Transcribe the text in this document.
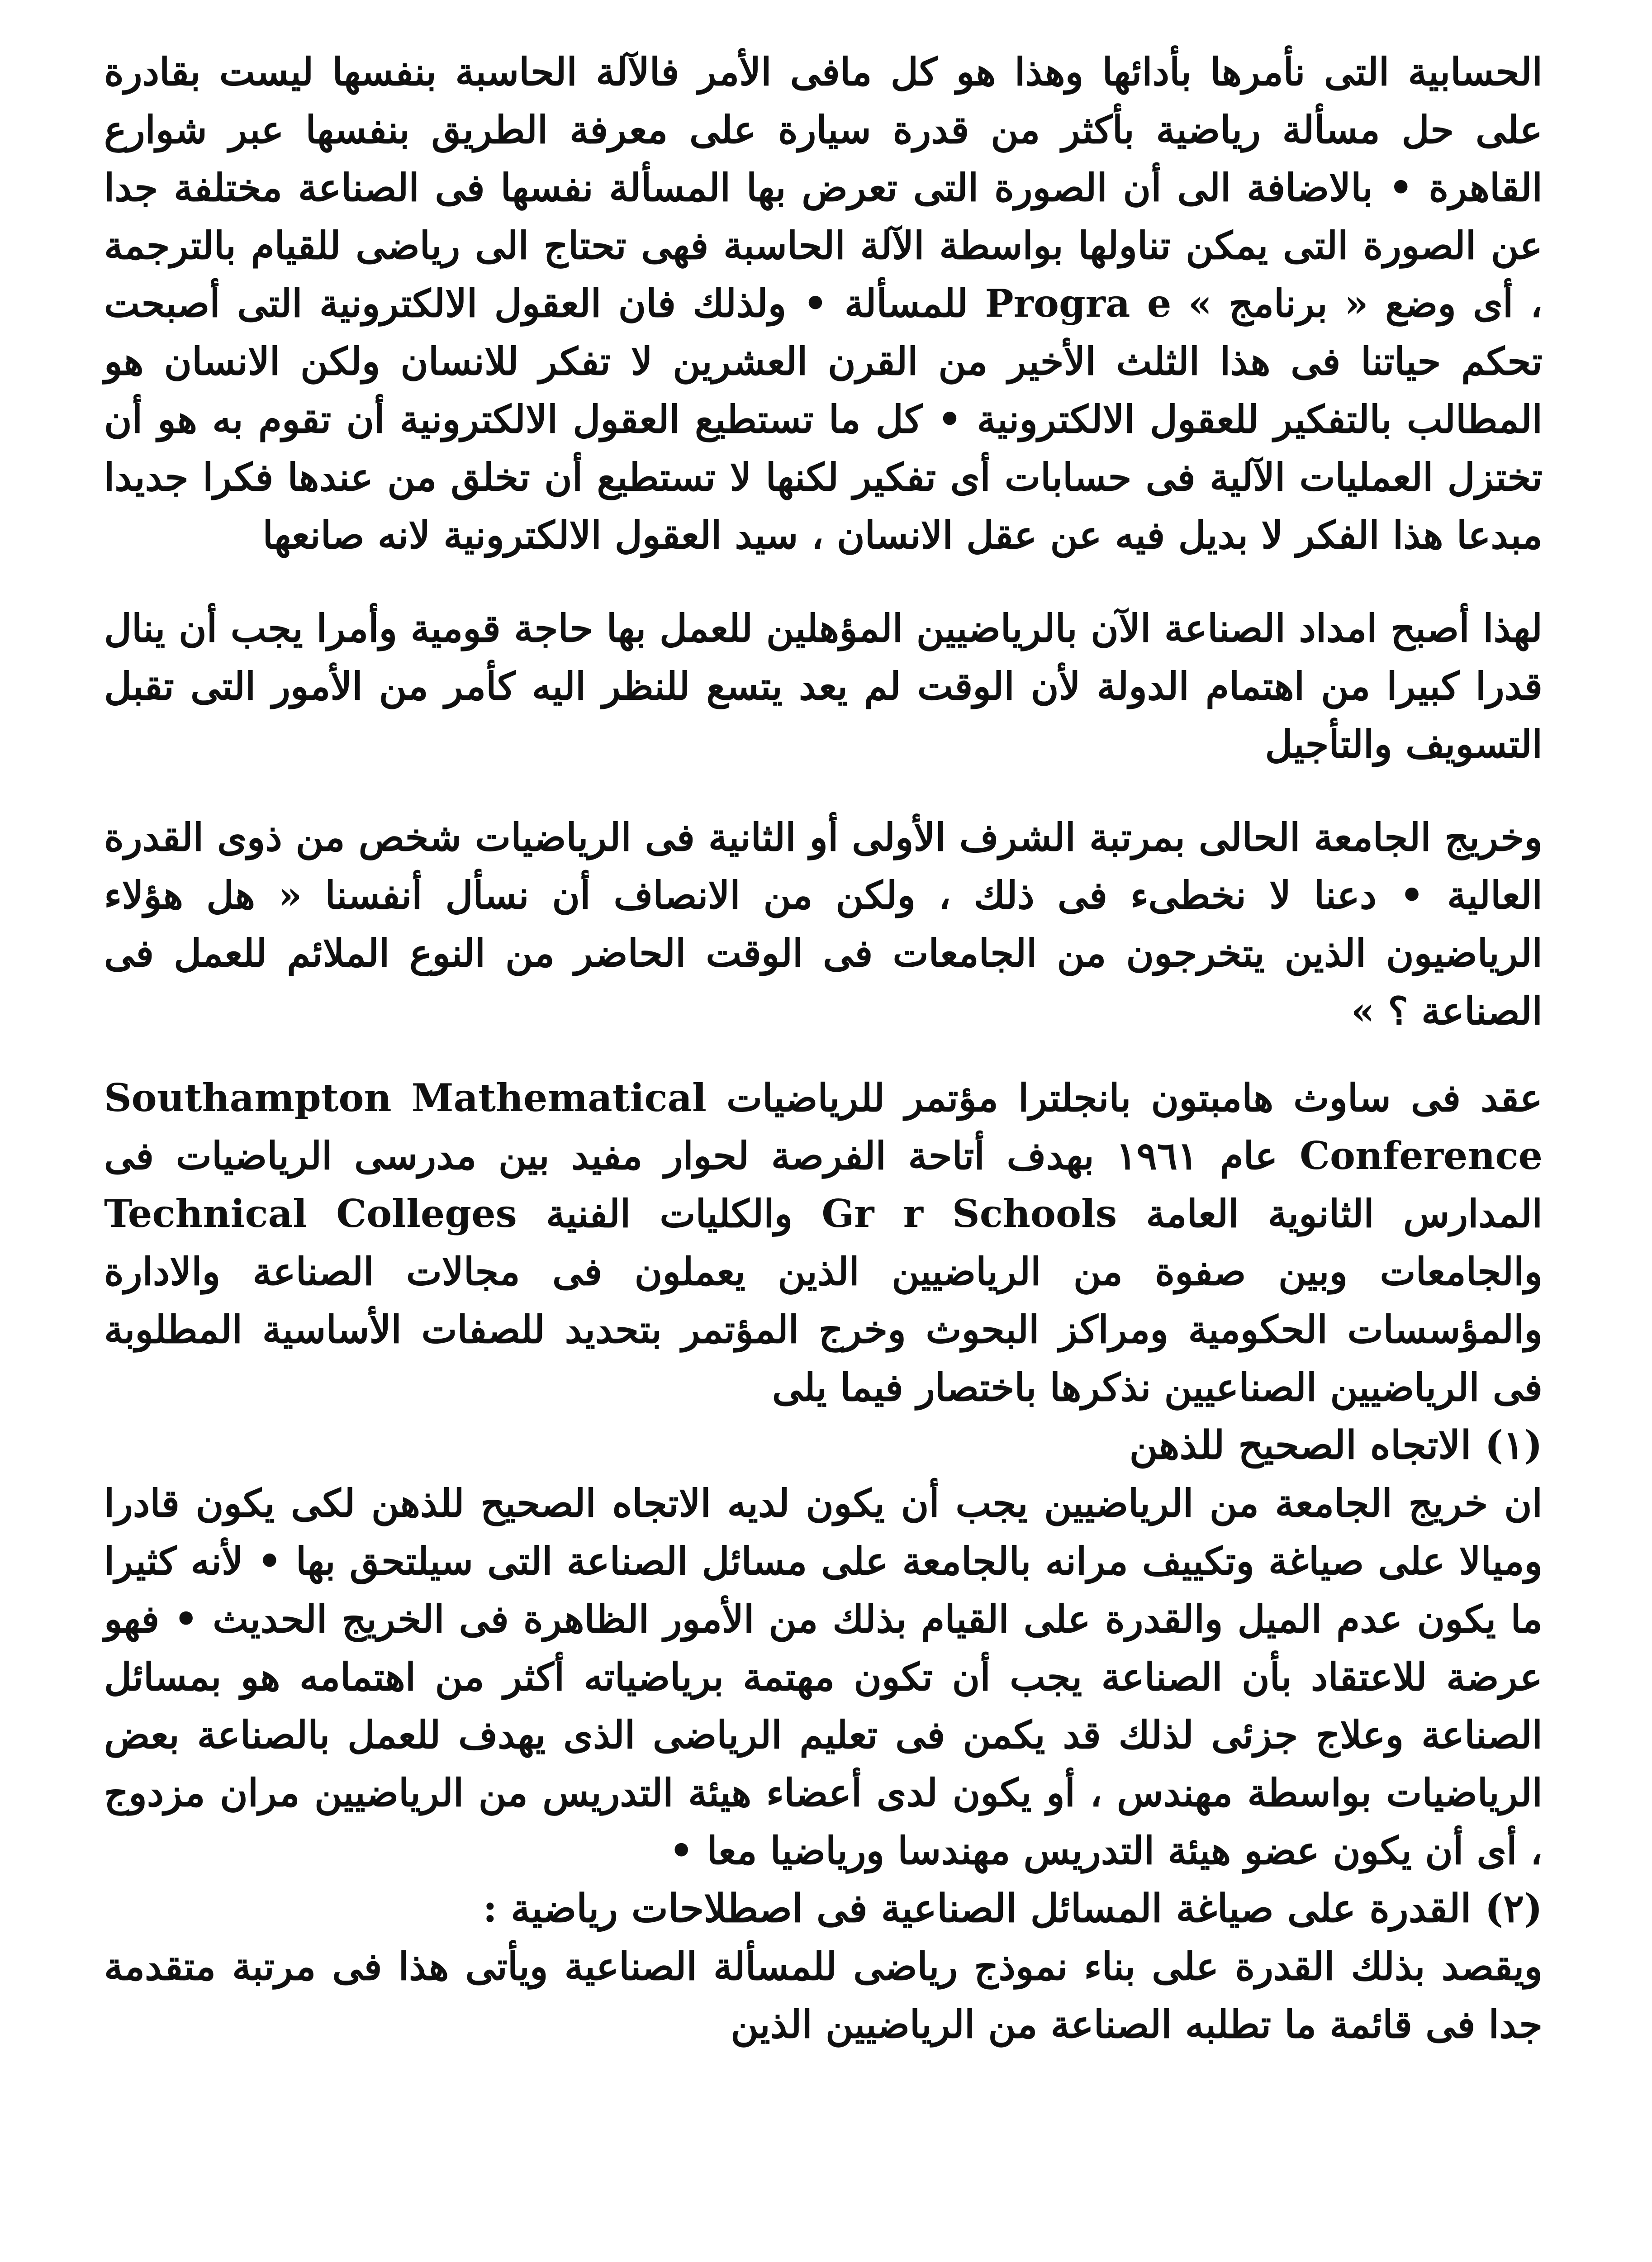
الحسابية التى نأمرها بأدائها وهذا هو كل مافى الأمر فالآلة الحاسبة بنفسها ليست بقادرة على حل مسألة رياضية بأكثر من قدرة سيارة على معرفة الطريق بنفسها عبر شوارع القاهرة • بالاضافة الى أن الصورة التى تعرض بها المسألة نفسها فى الصناعة مختلفة جدا عن الصورة التى يمكن تناولها بواسطة الآلة الحاسبة فهى تحتاج الى رياضى للقيام بالترجمة ، أى وضع « برنامج » Progra e للمسألة • ولذلك فان العقول الالكترونية التى أصبحت تحكم حياتنا فى هذا الثلث الأخير من القرن العشرين لا تفكر للانسان ولكن الانسان هو المطالب بالتفكير للعقول الالكترونية • كل ما تستطيع العقول الالكترونية أن تقوم به هو أن تختزل العمليات الآلية فى حسابات أى تفكير لكنها لا تستطيع أن تخلق من عندها فكرا جديدا مبدعا هذا الفكر لا بديل فيه عن عقل الانسان ، سيد العقول الالكترونية لانه صانعها

لهذا أصبح امداد الصناعة الآن بالرياضيين المؤهلين للعمل بها حاجة قومية وأمرا يجب أن ينال قدرا كبيرا من اهتمام الدولة لأن الوقت لم يعد يتسع للنظر اليه كأمر من الأمور التى تقبل التسويف والتأجيل

وخريج الجامعة الحالى بمرتبة الشرف الأولى أو الثانية فى الرياضيات شخص من ذوى القدرة العالية • دعنا لا نخطىء فى ذلك ، ولكن من الانصاف أن نسأل أنفسنا « هل هؤلاء الرياضيون الذين يتخرجون من الجامعات فى الوقت الحاضر من النوع الملائم للعمل فى الصناعة ؟ »

عقد فى ساوث هامبتون بانجلترا مؤتمر للرياضيات Southampton Mathematical Conference عام ١٩٦١ بهدف أتاحة الفرصة لحوار مفيد بين مدرسى الرياضيات فى المدارس الثانوية العامة Gr r Schools والكليات الفنية Technical Colleges والجامعات وبين صفوة من الرياضيين الذين يعملون فى مجالات الصناعة والادارة والمؤسسات الحكومية ومراكز البحوث وخرج المؤتمر بتحديد للصفات الأساسية المطلوبة فى الرياضيين الصناعيين نذكرها باختصار فيما يلى

(١) الاتجاه الصحيح للذهن

ان خريج الجامعة من الرياضيين يجب أن يكون لديه الاتجاه الصحيح للذهن لكى يكون قادرا وميالا على صياغة وتكييف مرانه بالجامعة على مسائل الصناعة التى سيلتحق بها • لأنه كثيرا ما يكون عدم الميل والقدرة على القيام بذلك من الأمور الظاهرة فى الخريج الحديث • فهو عرضة للاعتقاد بأن الصناعة يجب أن تكون مهتمة برياضياته أكثر من اهتمامه هو بمسائل الصناعة وعلاج جزئى لذلك قد يكمن فى تعليم الرياضى الذى يهدف للعمل بالصناعة بعض الرياضيات بواسطة مهندس ، أو يكون لدى أعضاء هيئة التدريس من الرياضيين مران مزدوج ، أى أن يكون عضو هيئة التدريس مهندسا ورياضيا معا •

(٢) القدرة على صياغة المسائل الصناعية فى اصطلاحات رياضية :

ويقصد بذلك القدرة على بناء نموذج رياضى للمسألة الصناعية ويأتى هذا فى مرتبة متقدمة جدا فى قائمة ما تطلبه الصناعة من الرياضيين الذين
